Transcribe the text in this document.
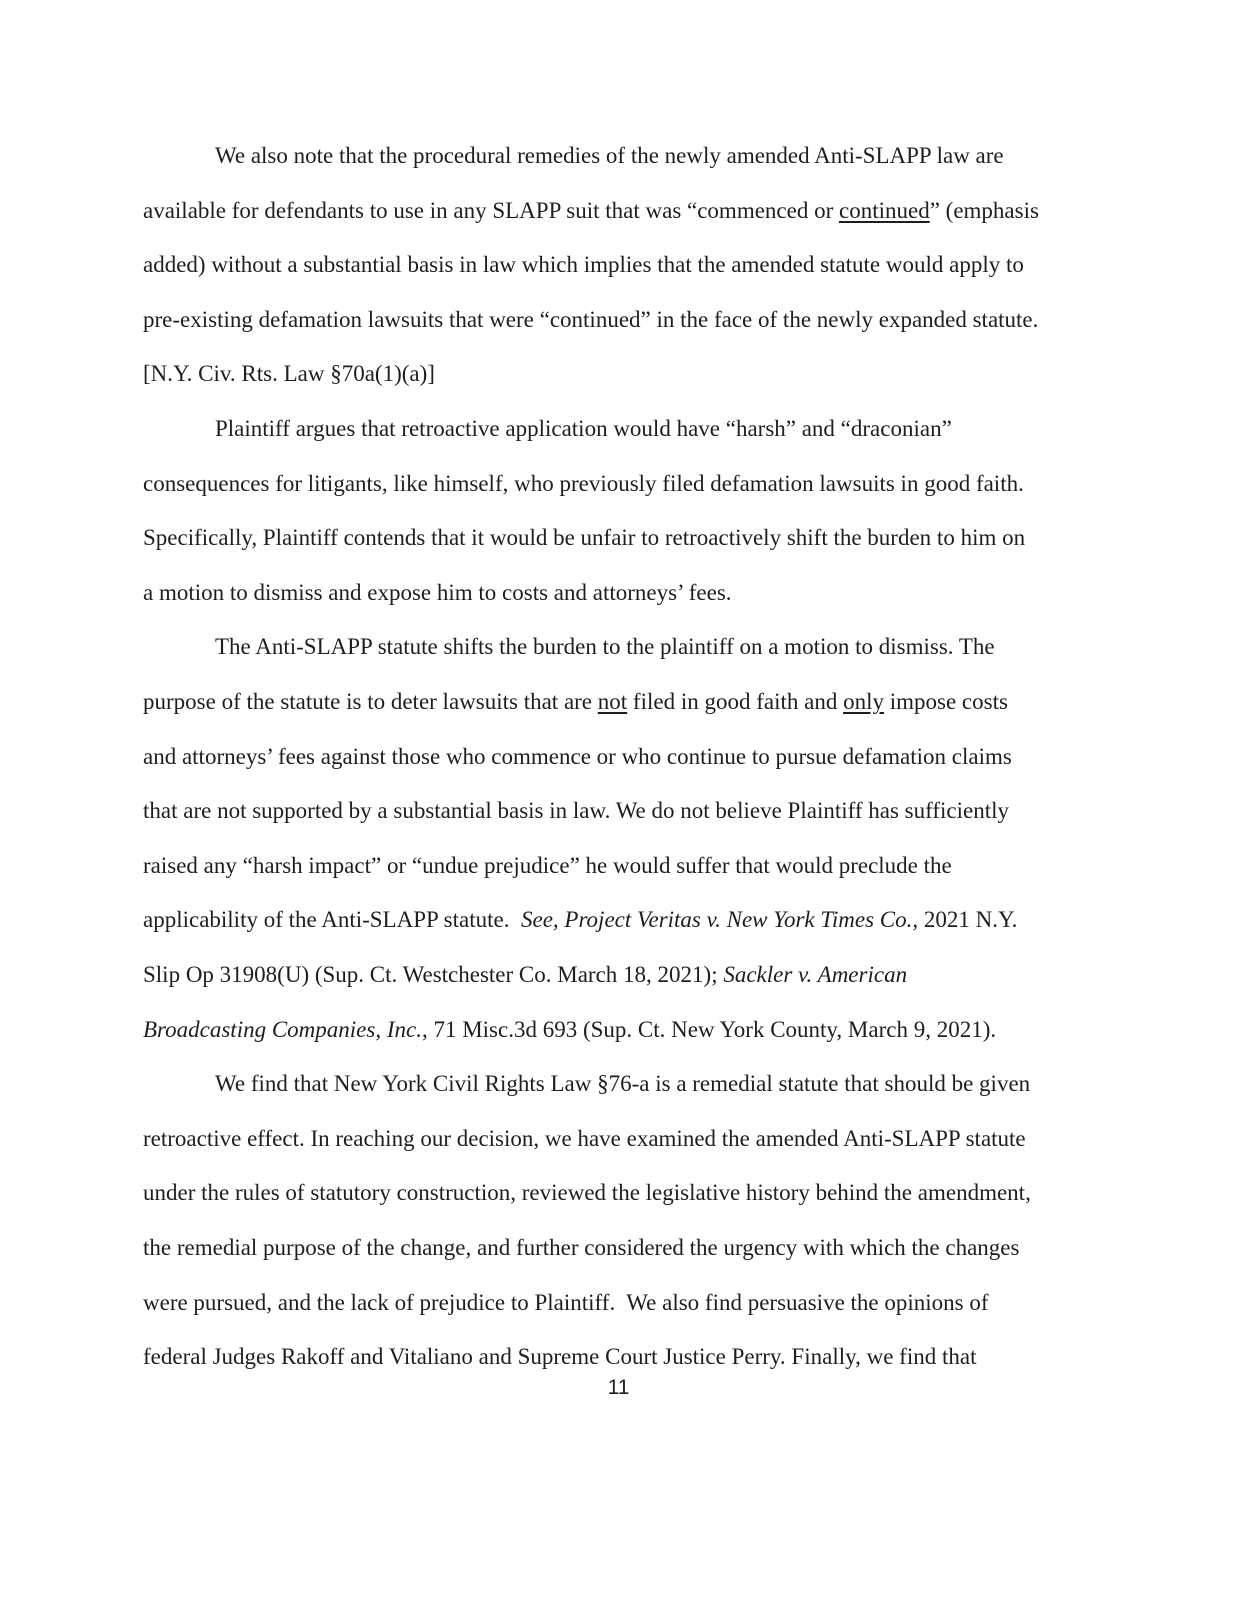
We also note that the procedural remedies of the newly amended Anti-SLAPP law are
available for defendants to use in any SLAPP suit that was “commenced or continued” (emphasis
added) without a substantial basis in law which implies that the amended statute would apply to
pre-existing defamation lawsuits that were “continued” in the face of the newly expanded statute.
[N.Y. Civ. Rts. Law §70a(1)(a)]
Plaintiff argues that retroactive application would have “harsh” and “draconian”
consequences for litigants, like himself, who previously filed defamation lawsuits in good faith.
Specifically, Plaintiff contends that it would be unfair to retroactively shift the burden to him on
a motion to dismiss and expose him to costs and attorneys’ fees.
The Anti-SLAPP statute shifts the burden to the plaintiff on a motion to dismiss. The
purpose of the statute is to deter lawsuits that are not filed in good faith and only impose costs
and attorneys’ fees against those who commence or who continue to pursue defamation claims
that are not supported by a substantial basis in law. We do not believe Plaintiff has sufficiently
raised any “harsh impact” or “undue prejudice” he would suffer that would preclude the
applicability of the Anti-SLAPP statute.  See, Project Veritas v. New York Times Co., 2021 N.Y.
Slip Op 31908(U) (Sup. Ct. Westchester Co. March 18, 2021); Sackler v. American
Broadcasting Companies, Inc., 71 Misc.3d 693 (Sup. Ct. New York County, March 9, 2021).
We find that New York Civil Rights Law §76-a is a remedial statute that should be given
retroactive effect. In reaching our decision, we have examined the amended Anti-SLAPP statute
under the rules of statutory construction, reviewed the legislative history behind the amendment,
the remedial purpose of the change, and further considered the urgency with which the changes
were pursued, and the lack of prejudice to Plaintiff.  We also find persuasive the opinions of
federal Judges Rakoff and Vitaliano and Supreme Court Justice Perry. Finally, we find that
11
